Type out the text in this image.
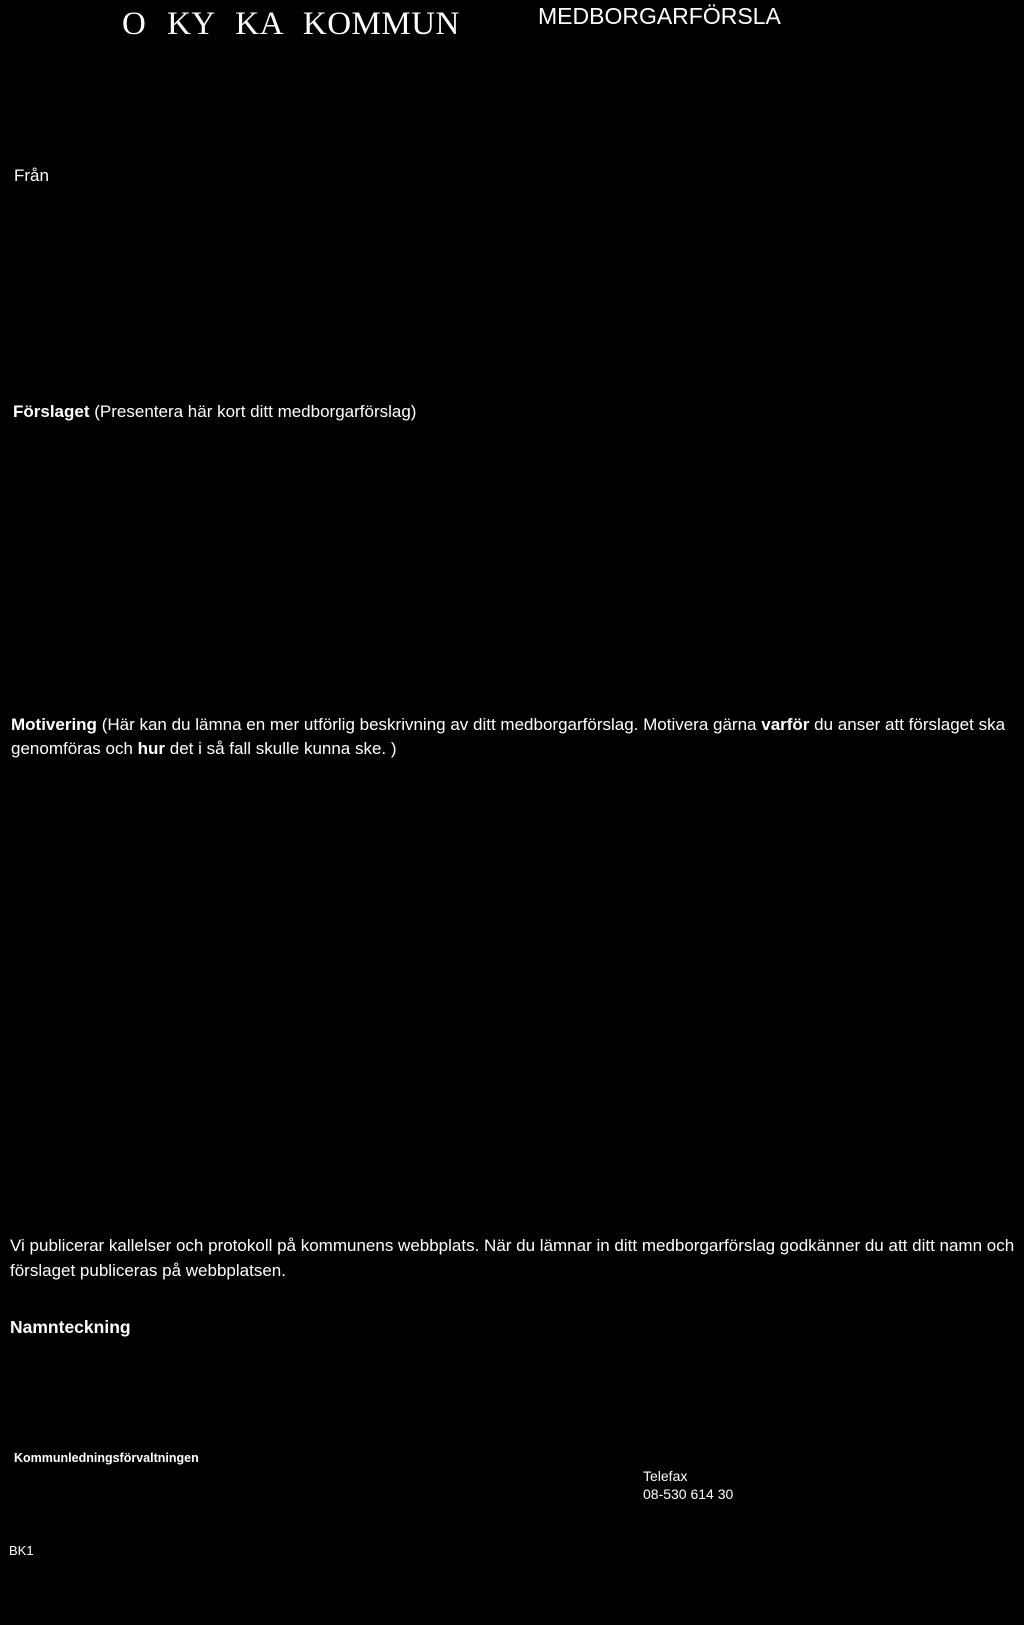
O KY KA KOMMUN	MEDBORGARFÖRSLA
Från
Förslaget (Presentera här kort ditt medborgarförslag)
Motivering (Här kan du lämna en mer utförlig beskrivning av ditt medborgarförslag. Motivera gärna varför du anser att förslaget ska genomföras och hur det i så fall skulle kunna ske. )
Vi publicerar kallelser och protokoll på kommunens webbplats. När du lämnar in ditt medborgarförslag godkänner du att ditt namn och förslaget publiceras på webbplatsen.
Namnteckning
Kommunledningsförvaltningen
Telefax
08-530 614 30
BK1
